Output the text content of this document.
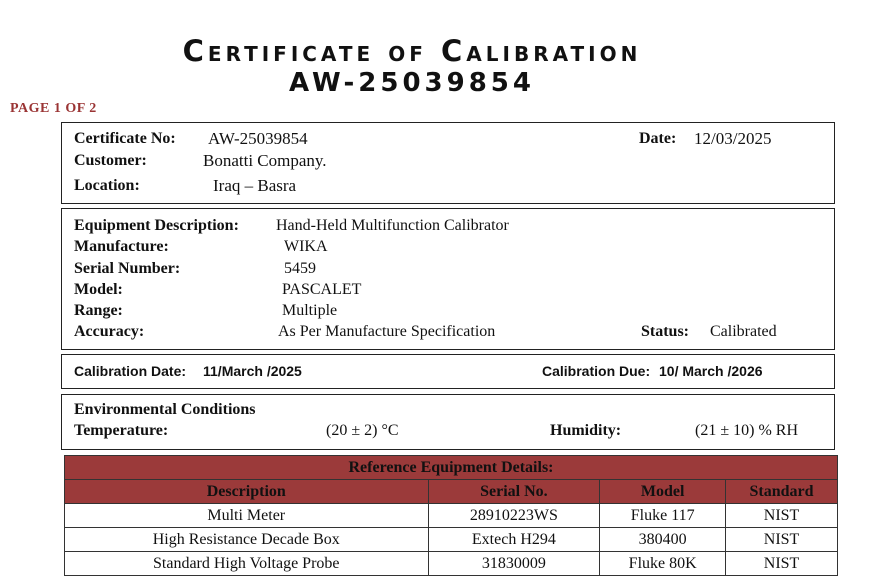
Certificate of Calibration
AW-25039854
PAGE 1 OF 2
Certificate No: AW-25039854	Date: 12/03/2025
Customer:	Bonatti Company.
Location:	Iraq – Basra
Equipment Description: Hand-Held Multifunction Calibrator
Manufacture:	WIKA
Serial Number:	5459
Model:	PASCALET
Range:	Multiple
Accuracy:	As Per Manufacture Specification	Status: Calibrated
Calibration Date: 11/March /2025	Calibration Due: 10/ March /2026
Environmental Conditions
Temperature:	(20 ± 2) °C	Humidity:	(21 ± 10) % RH
Reference Equipment Details:			
Description	Serial No.	Model	Standard
Multi Meter	28910223WS	Fluke 117	NIST
High Resistance Decade Box	Extech H294	380400	NIST
Standard High Voltage Probe	31830009	Fluke 80K	NIST
